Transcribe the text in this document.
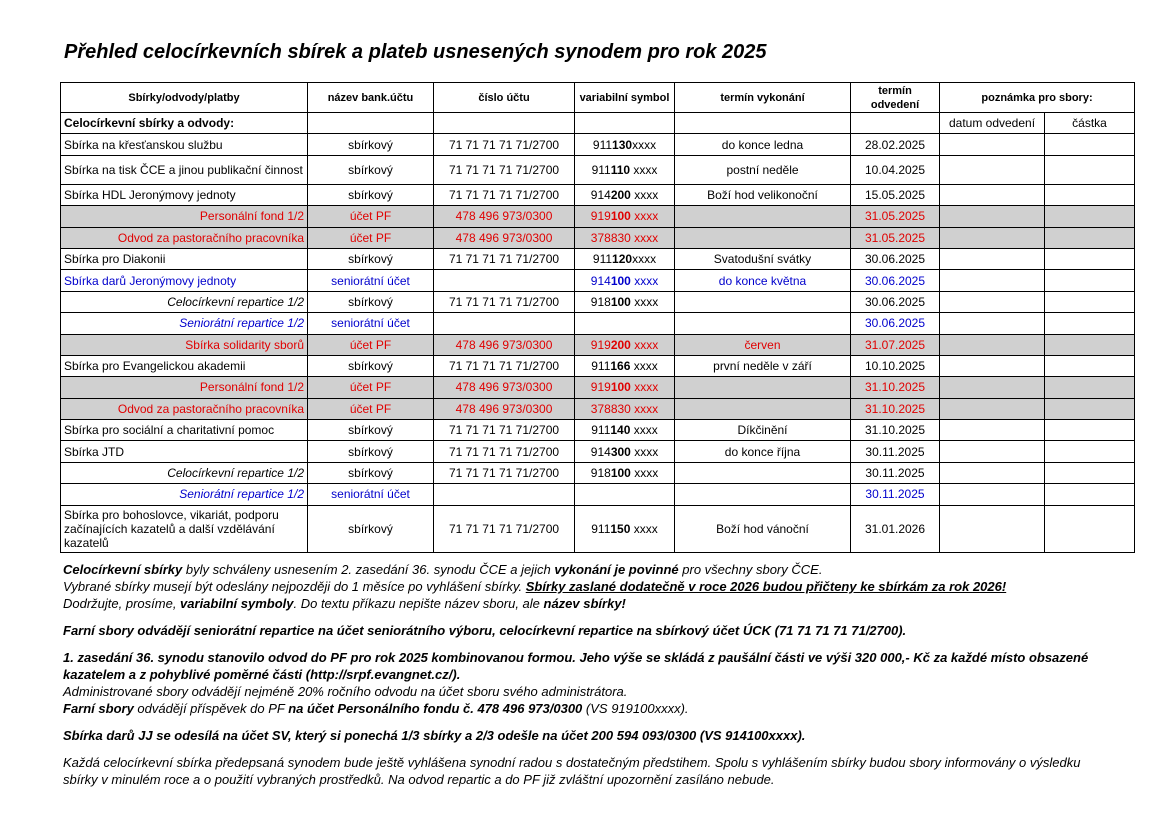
Přehled celocírkevních sbírek a plateb usnesených synodem pro rok 2025
Sbírky/odvody/platby	název bank.účtu	číslo účtu	variabilní symbol	termín vykonání	termín odvedení	poznámka pro sbory:	
Celocírkevní sbírky a odvody:						datum odvedení	částka
Sbírka na křesťanskou službu	sbírkový	71 71 71 71 71/2700	911130xxxx	do konce ledna	28.02.2025		
Sbírka na tisk ČCE a jinou publikační činnost	sbírkový	71 71 71 71 71/2700	911110 xxxx	postní neděle	10.04.2025		
Sbírka HDL Jeronýmovy jednoty	sbírkový	71 71 71 71 71/2700	914200 xxxx	Boží hod velikonoční	15.05.2025		
Personální fond 1/2	účet PF	478 496 973/0300	919100 xxxx		31.05.2025		
Odvod za pastoračního pracovníka	účet PF	478 496 973/0300	378830 xxxx		31.05.2025		
Sbírka pro Diakonii	sbírkový	71 71 71 71 71/2700	911120xxxx	Svatodušní svátky	30.06.2025		
Sbírka darů Jeronýmovy jednoty	seniorátní účet		914100 xxxx	do konce května	30.06.2025		
Celocírkevní repartice 1/2	sbírkový	71 71 71 71 71/2700	918100 xxxx		30.06.2025		
Seniorátní repartice 1/2	seniorátní účet				30.06.2025		
Sbírka solidarity sborů	účet PF	478 496 973/0300	919200 xxxx	červen	31.07.2025		
Sbírka pro Evangelickou akademii	sbírkový	71 71 71 71 71/2700	911166 xxxx	první neděle v září	10.10.2025		
Personální fond 1/2	účet PF	478 496 973/0300	919100 xxxx		31.10.2025		
Odvod za pastoračního pracovníka	účet PF	478 496 973/0300	378830 xxxx		31.10.2025		
Sbírka pro sociální a charitativní pomoc	sbírkový	71 71 71 71 71/2700	911140 xxxx	Díkčinění	31.10.2025		
Sbírka JTD	sbírkový	71 71 71 71 71/2700	914300 xxxx	do konce října	30.11.2025		
Celocírkevní repartice 1/2	sbírkový	71 71 71 71 71/2700	918100 xxxx		30.11.2025		
Seniorátní repartice 1/2	seniorátní účet				30.11.2025		
Sbírka pro bohoslovce, vikariát, podporu začínajících kazatelů a další vzdělávání kazatelů	sbírkový	71 71 71 71 71/2700	911150 xxxx	Boží hod vánoční	31.01.2026		

Celocírkevní sbírky byly schváleny usnesením 2. zasedání 36. synodu ČCE a jejich vykonání je povinné pro všechny sbory ČCE.

Vybrané sbírky musejí být odeslány nejpozději do 1 měsíce po vyhlášení sbírky. Sbírky zaslané dodatečně v roce 2026 budou přičteny ke sbírkám za rok 2026!

Dodržujte, prosíme, variabilní symboly. Do textu příkazu nepište název sboru, ale název sbírky!

Farní sbory odvádějí seniorátní repartice na účet seniorátního výboru, celocírkevní repartice na sbírkový účet ÚCK (71 71 71 71 71/2700).

1. zasedání 36. synodu stanovilo odvod do PF pro rok 2025 kombinovanou formou. Jeho výše se skládá z paušální části ve výši 320 000,- Kč za každé místo obsazené kazatelem a z pohyblivé poměrné části (http://srpf.evangnet.cz/).

Administrované sbory odvádějí nejméně 20% ročního odvodu na účet sboru svého administrátora.

Farní sbory odvádějí příspěvek do PF na účet Personálního fondu č. 478 496 973/0300 (VS 919100xxxx).

Sbírka darů JJ se odesílá na účet SV, který si ponechá 1/3 sbírky a 2/3 odešle na účet 200 594 093/0300 (VS 914100xxxx).

Každá celocírkevní sbírka předepsaná synodem bude ještě vyhlášena synodní radou s dostatečným předstihem. Spolu s vyhlášením sbírky budou sbory informovány o výsledku sbírky v minulém roce a o použití vybraných prostředků. Na odvod repartic a do PF již zvláštní upozornění zasíláno nebude.
